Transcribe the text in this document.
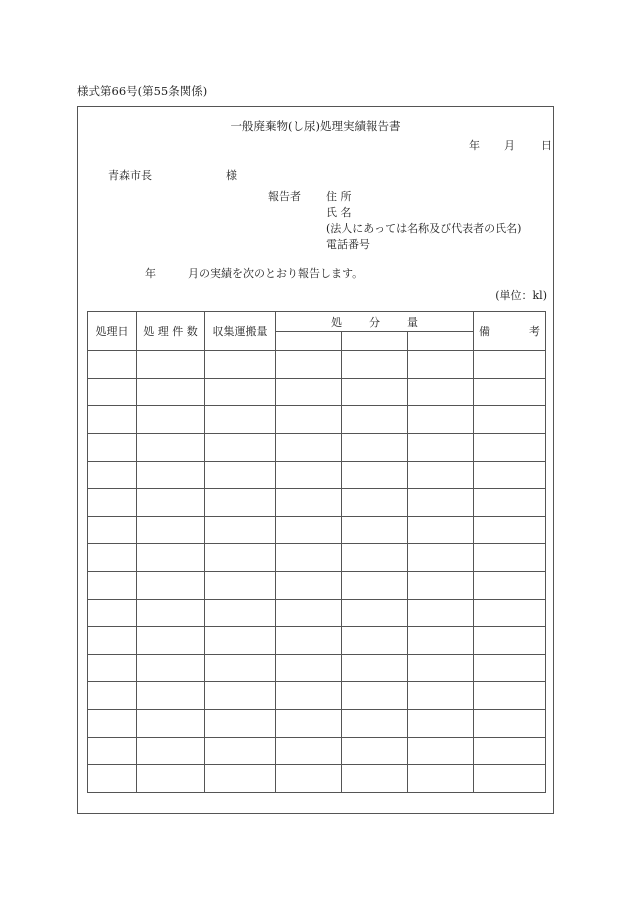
様式第66号(第55条関係)
一般廃棄物(し尿)処理実績報告書
年 月 日
青森市長	様
報告者 住 所
氏 名
(法人にあっては名称及び代表者の氏名)
電話番号
年	月の実績を次のとおり報告します。
(単位：kl)
処理日	処 理 件 数	収集運搬量	処 分 量			備 考
